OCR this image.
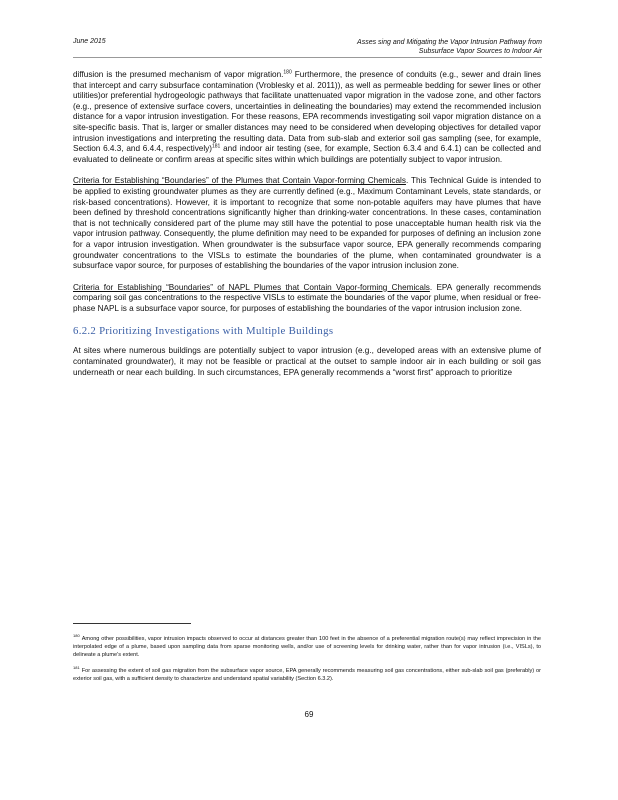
June 2015	Asses sing and Mitigating the Vapor Intrusion Pathway from
Subsurface Vapor Sources to Indoor Air

diffusion is the presumed mechanism of vapor migration.$^{180}$ Furthermore, the presence of conduits (e.g., sewer and drain lines that intercept and carry subsurface contamination (Vroblesky et al. 2011)), as well as permeable bedding for sewer lines or other utilities)or preferential hydrogeologic pathways that facilitate unattenuated vapor migration in the vadose zone, and other factors (e.g., presence of extensive surface covers, uncertainties in delineating the boundaries) may extend the recommended inclusion distance for a vapor intrusion investigation. For these reasons, EPA recommends investigating soil vapor migration distance on a site-specific basis. That is, larger or smaller distances may need to be considered when developing objectives for detailed vapor intrusion investigations and interpreting the resulting data. Data from sub-slab and exterior soil gas sampling (see, for example, Section 6.4.3, and 6.4.4, respectively)$^{181}$ and indoor air testing (see, for example, Section 6.3.4 and 6.4.1) can be collected and evaluated to delineate or confirm areas at specific sites within which buildings are potentially subject to vapor intrusion.

Criteria for Establishing “Boundaries” of the Plumes that Contain Vapor-forming Chemicals. This Technical Guide is intended to be applied to existing groundwater plumes as they are currently defined (e.g., Maximum Contaminant Levels, state standards, or risk-based concentrations). However, it is important to recognize that some non-potable aquifers may have plumes that have been defined by threshold concentrations significantly higher than drinking-water concentrations. In these cases, contamination that is not technically considered part of the plume may still have the potential to pose unacceptable human health risk via the vapor intrusion pathway. Consequently, the plume definition may need to be expanded for purposes of defining an inclusion zone for a vapor intrusion investigation. When groundwater is the subsurface vapor source, EPA generally recommends comparing groundwater concentrations to the VISLs to estimate the boundaries of the plume, when contaminated groundwater is a subsurface vapor source, for purposes of establishing the boundaries of the vapor intrusion inclusion zone.

Criteria for Establishing “Boundaries” of NAPL Plumes that Contain Vapor-forming Chemicals. EPA generally recommends comparing soil gas concentrations to the respective VISLs to estimate the boundaries of the vapor plume, when residual or free-phase NAPL is a subsurface vapor source, for purposes of establishing the boundaries of the vapor intrusion inclusion zone.

6.2.2 Prioritizing Investigations with Multiple Buildings

At sites where numerous buildings are potentially subject to vapor intrusion (e.g., developed areas with an extensive plume of contaminated groundwater), it may not be feasible or practical at the outset to sample indoor air in each building or soil gas underneath or near each building. In such circumstances, EPA generally recommends a “worst first” approach to prioritize

$^{180}$Among other possibilities, vapor intrusion impacts observed to occur at distances greater than 100 feet in the absence of a preferential migration route(s) may reflect imprecision in the interpolated edge of a plume, based upon sampling data from sparse monitoring wells, and/or use of screening levels for drinking water, rather than for vapor intrusion (i.e., VISLs), to delineate a plume's extent.

$^{181}$For assessing the extent of soil gas migration from the subsurface vapor source, EPA generally recommends measuring soil gas concentrations, either sub-slab soil gas (preferably) or exterior soil gas, with a sufficient density to characterize and understand spatial variability (Section 6.3.2).

69
